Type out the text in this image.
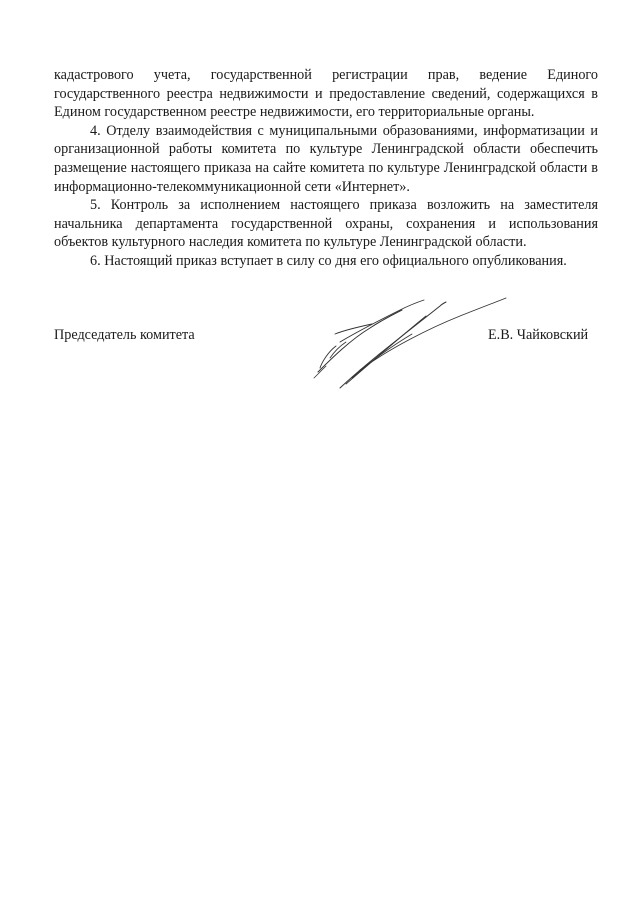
кадастрового учета, государственной регистрации прав, ведение Единого государственного реестра недвижимости и предоставление сведений, содержащихся в Едином государственном реестре недвижимости, его территориальные органы.

4. Отделу взаимодействия с муниципальными образованиями, информатизации и организационной работы комитета по культуре Ленинградской области обеспечить размещение настоящего приказа на сайте комитета по культуре Ленинградской области в информационно-телекоммуникационной сети «Интернет».

5. Контроль за исполнением настоящего приказа возложить на заместителя начальника департамента государственной охраны, сохранения и использования объектов культурного наследия комитета по культуре Ленинградской области.

6. Настоящий приказ вступает в силу со дня его официального опубликования.

Председатель комитета	Е.В. Чайковский
